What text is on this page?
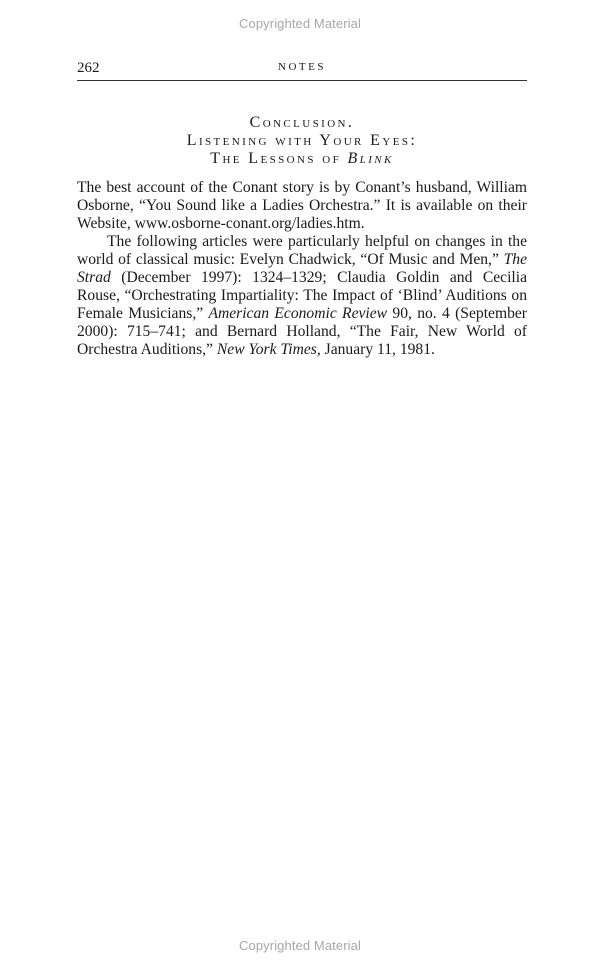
Copyrighted Material
262	NOTES
Conclusion.
Listening with Your Eyes:
The Lessons of Blink

The best account of the Conant story is by Conant’s husband, William Osborne, “You Sound like a Ladies Orchestra.” It is available on their Website, www.osborne-conant.org/ladies.htm.

The following articles were particularly helpful on changes in the world of classical music: Evelyn Chadwick, “Of Music and Men,” The Strad (December 1997): 1324–1329; Claudia Goldin and Cecilia Rouse, “Orchestrating Impartiality: The Impact of ‘Blind’ Auditions on Female Musicians,” American Economic Review 90, no. 4 (September 2000): 715–741; and Bernard Holland, “The Fair, New World of Orchestra Auditions,” New York Times, January 11, 1981.

Copyrighted Material
